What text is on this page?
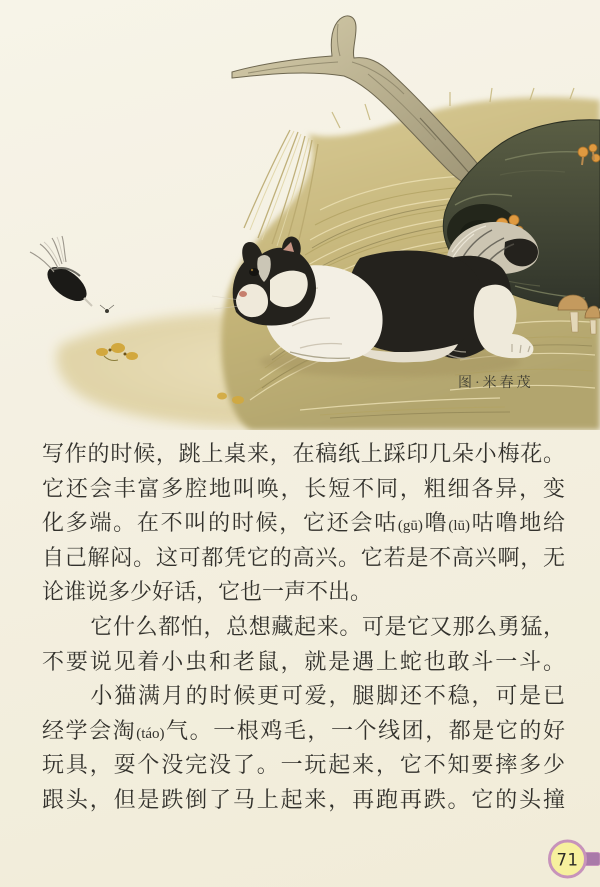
图·米春茂
写作的时候，跳上桌来，在稿纸上踩印几朵小梅花。
它还会丰富多腔地叫唤，长短不同，粗细各异，变
化多端。在不叫的时候，它还会咕(gū)噜(lū)咕噜地给
自己解闷。这可都凭它的高兴。它若是不高兴啊，无
论谁说多少好话，它也一声不出。
它什么都怕，总想藏起来。可是它又那么勇猛，
不要说见着小虫和老鼠，就是遇上蛇也敢斗一斗。
小猫满月的时候更可爱，腿脚还不稳，可是已
经学会淘(táo)气。一根鸡毛，一个线团，都是它的好
玩具，耍个没完没了。一玩起来，它不知要摔多少
跟头，但是跌倒了马上起来，再跑再跌。它的头撞
71
